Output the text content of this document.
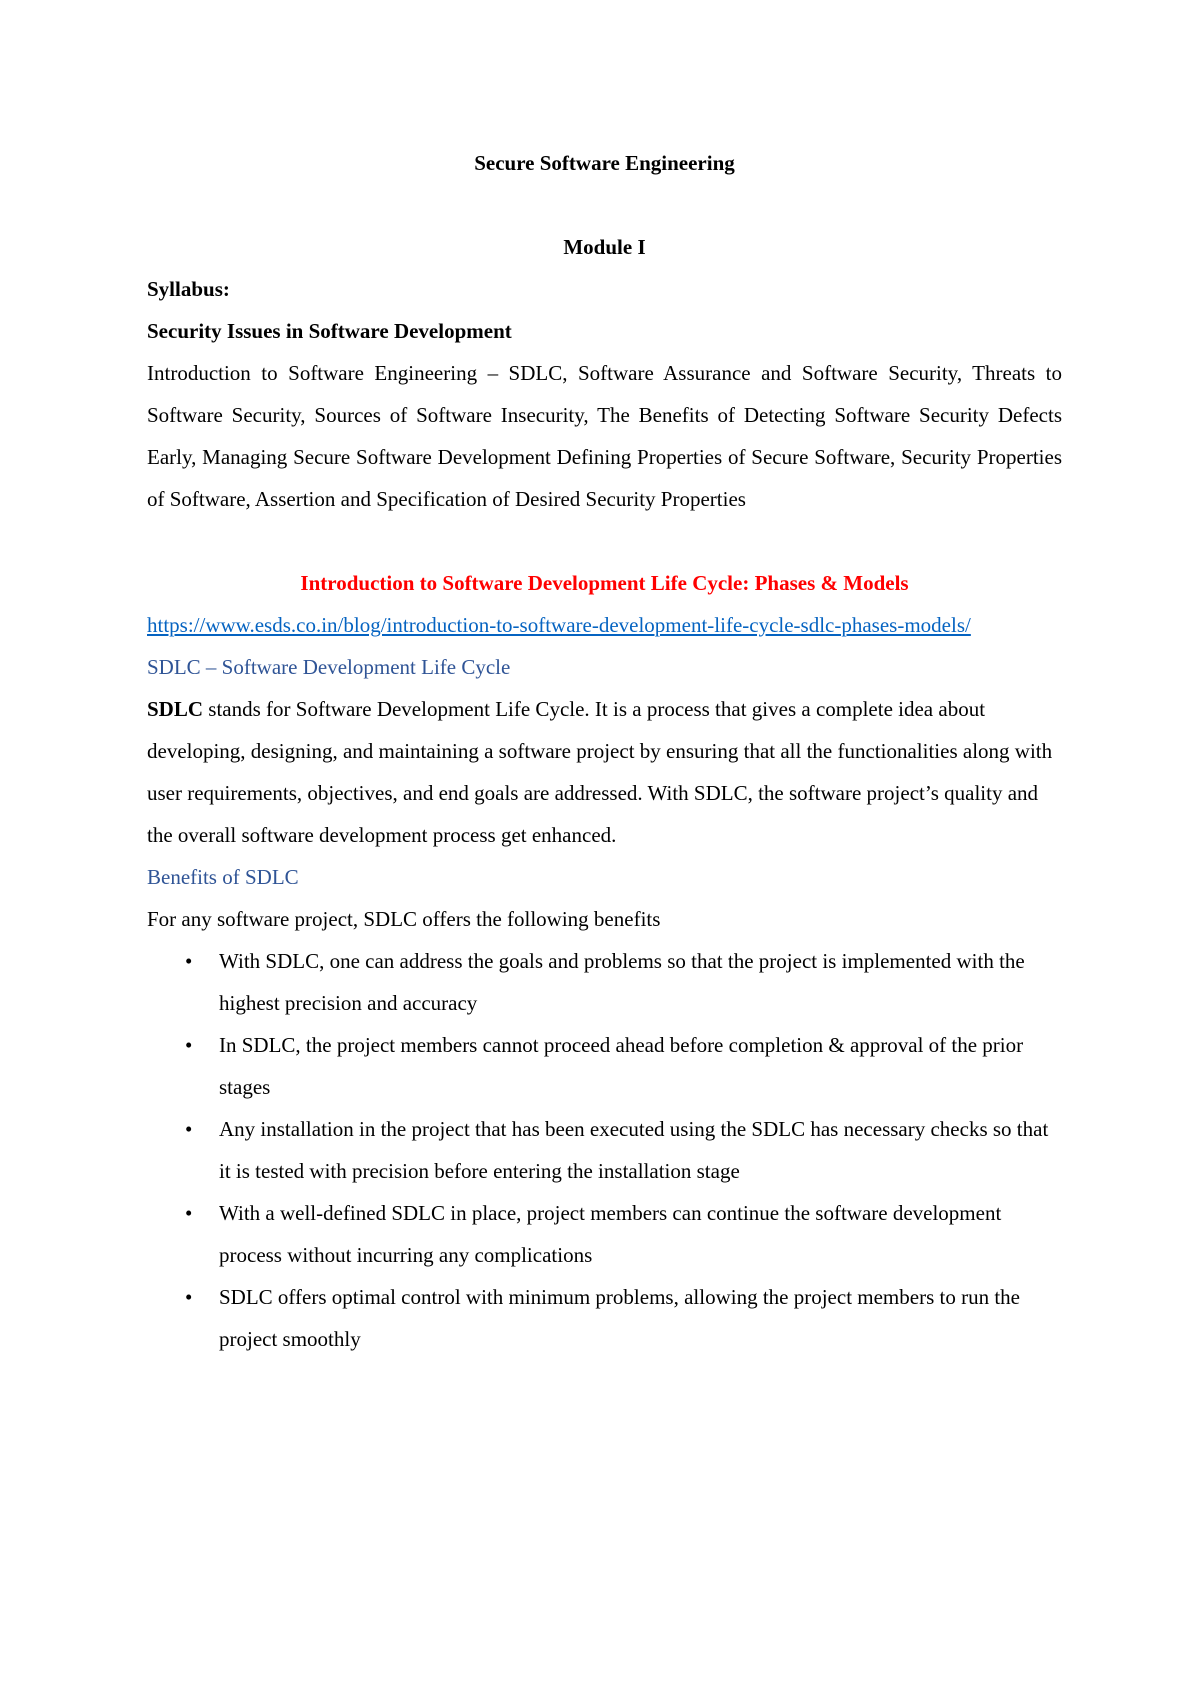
Secure Software Engineering

Module I

Syllabus:

Security Issues in Software Development

Introduction to Software Engineering – SDLC, Software Assurance and Software Security, Threats to Software Security, Sources of Software Insecurity, The Benefits of Detecting Software Security Defects Early, Managing Secure Software Development Defining Properties of Secure Software, Security Properties of Software, Assertion and Specification of Desired Security Properties

Introduction to Software Development Life Cycle: Phases & Models

https://www.esds.co.in/blog/introduction-to-software-development-life-cycle-sdlc-phases-models/

SDLC – Software Development Life Cycle

SDLC stands for Software Development Life Cycle. It is a process that gives a complete idea about developing, designing, and maintaining a software project by ensuring that all the functionalities along with user requirements, objectives, and end goals are addressed. With SDLC, the software project’s quality and the overall software development process get enhanced.

Benefits of SDLC

For any software project, SDLC offers the following benefits

• With SDLC, one can address the goals and problems so that the project is implemented with the highest precision and accuracy
• In SDLC, the project members cannot proceed ahead before completion & approval of the prior stages
• Any installation in the project that has been executed using the SDLC has necessary checks so that it is tested with precision before entering the installation stage
• With a well-defined SDLC in place, project members can continue the software development process without incurring any complications
• SDLC offers optimal control with minimum problems, allowing the project members to run the project smoothly
